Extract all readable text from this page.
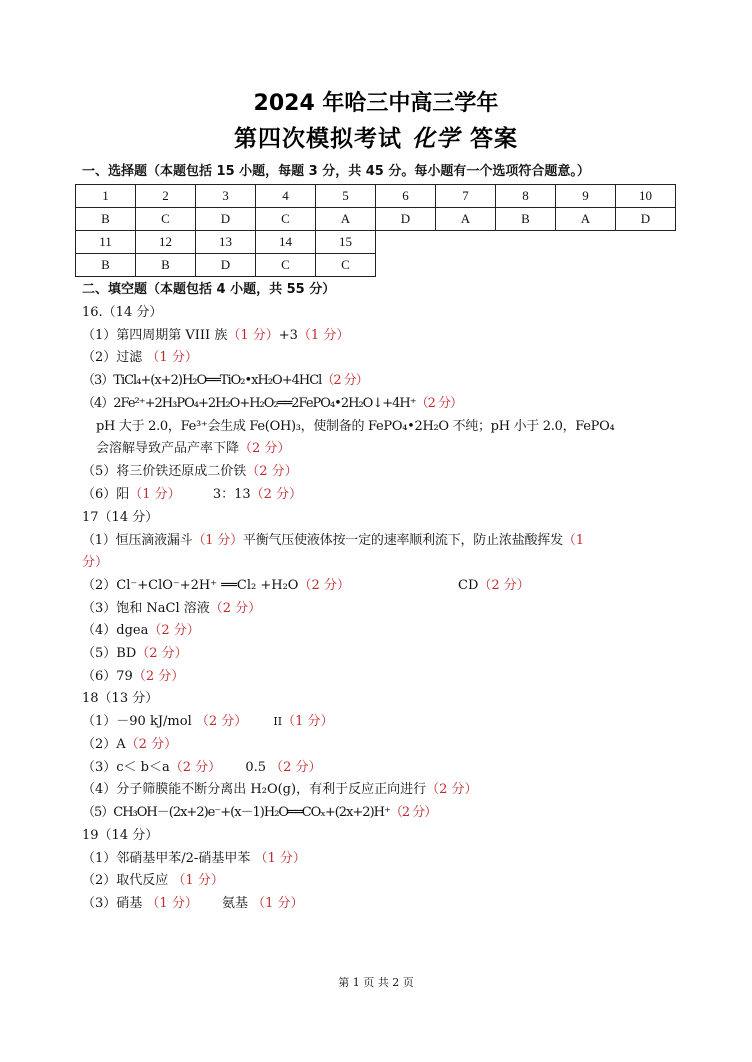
2024 年哈三中高三学年
第四次模拟考试 化学 答案
一、选择题（本题包括 15 小题，每题 3 分，共 45 分。每小题有一个选项符合题意。）
1	2	3	4	5	6	7	8	9	10
B	C	D	C	A	D	A	B	A	D
11	12	13	14	15
B	B	D	C	C
二、填空题（本题包括 4 小题，共 55 分）
16.（14 分）
（1）第四周期第 VIII 族（1 分）+3（1 分）
（2）过滤 （1 分）
（3）TiCl₄+(x+2)H₂O══TiO₂•xH₂O+4HCl（2 分）
（4）2Fe²⁺+2H₃PO₄+2H₂O+H₂O₂══2FePO₄•2H₂O↓+4H⁺（2 分）
pH 大于 2.0，Fe³⁺会生成 Fe(OH)₃，使制备的 FePO₄•2H₂O 不纯；pH 小于 2.0，FePO₄
会溶解导致产品产率下降（2 分）
（5）将三价铁还原成二价铁（2 分）
（6）阳（1 分） 3：13（2 分）
17（14 分）
（1）恒压滴液漏斗（1 分）平衡气压使液体按一定的速率顺利流下，防止浓盐酸挥发（1
分）
（2）Cl⁻+ClO⁻+2H⁺ ══Cl₂ +H₂O（2 分）	CD（2 分）
（3）饱和 NaCl 溶液（2 分）
（4）dgea（2 分）
（5）BD（2 分）
（6）79（2 分）
18（13 分）
（1）－90 kJ/mol （2 分） II（1 分）
（2）A（2 分）
（3）c＜ b＜a（2 分） 0.5 （2 分）
（4）分子筛膜能不断分离出 H₂O(g)，有利于反应正向进行（2 分）
（5）CH₃OH－(2x+2)e⁻+(x－1)H₂O══COₓ+(2x+2)H⁺（2 分）
19（14 分）
（1）邻硝基甲苯/2-硝基甲苯 （1 分）
（2）取代反应 （1 分）
（3）硝基 （1 分） 氨基 （1 分）
第 1 页 共 2 页
